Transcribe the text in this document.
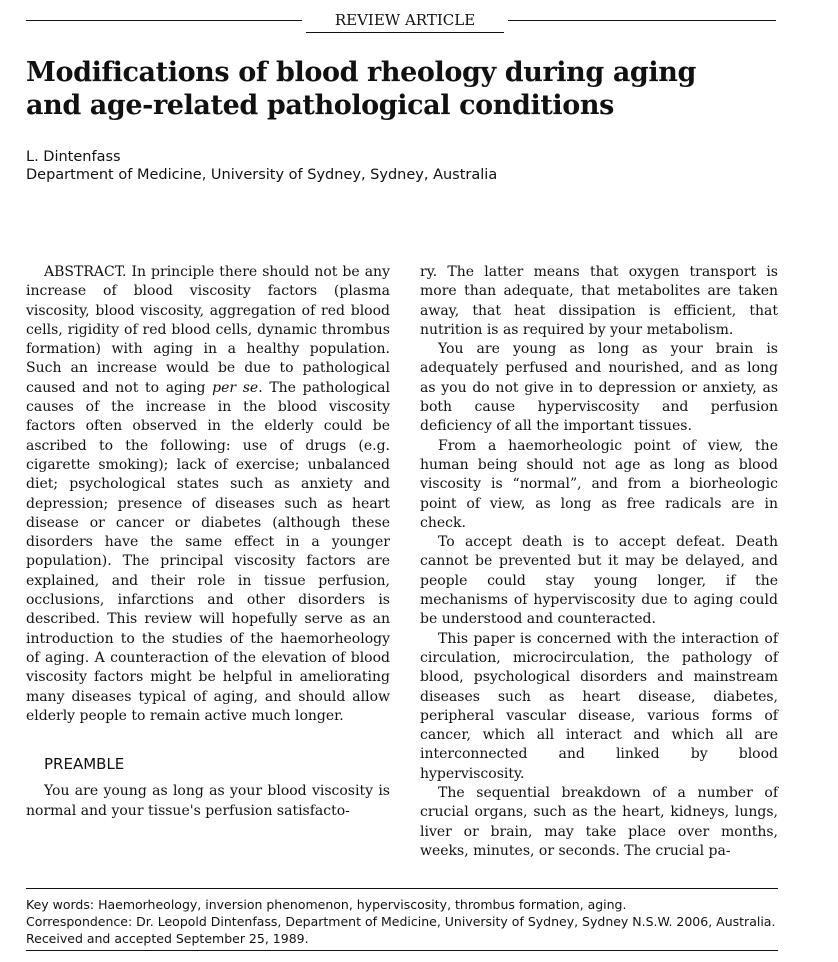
REVIEW ARTICLE
Modifications of blood rheology during aging
and age-related pathological conditions
L. Dintenfass
Department of Medicine, University of Sydney, Sydney, Australia

ABSTRACT. In principle there should not be any increase of blood viscosity factors (plasma viscosity, blood viscosity, aggregation of red blood cells, rigidity of red blood cells, dynamic thrombus formation) with aging in a healthy population. Such an increase would be due to pathological caused and not to aging per se. The pathological causes of the increase in the blood viscosity factors often observed in the elderly could be ascribed to the following: use of drugs (e.g. cigarette smoking); lack of exercise; unbalanced diet; psychological states such as anxiety and depression; presence of diseases such as heart disease or cancer or diabetes (although these disorders have the same effect in a younger population). The principal viscosity factors are explained, and their role in tissue perfusion, occlusions, infarctions and other disorders is described. This review will hopefully serve as an introduction to the studies of the haemorheology of aging. A counteraction of the elevation of blood viscosity factors might be helpful in ameliorating many diseases typical of aging, and should allow elderly people to remain active much longer.

PREAMBLE

You are young as long as your blood viscosity is normal and your tissue's perfusion satisfacto-

ry. The latter means that oxygen transport is more than adequate, that metabolites are taken away, that heat dissipation is efficient, that nutrition is as required by your metabolism.

You are young as long as your brain is adequately perfused and nourished, and as long as you do not give in to depression or anxiety, as both cause hyperviscosity and perfusion deficiency of all the important tissues.

From a haemorheologic point of view, the human being should not age as long as blood viscosity is “normal”, and from a biorheologic point of view, as long as free radicals are in check.

To accept death is to accept defeat. Death cannot be prevented but it may be delayed, and people could stay young longer, if the mechanisms of hyperviscosity due to aging could be understood and counteracted.

This paper is concerned with the interaction of circulation, microcirculation, the pathology of blood, psychological disorders and mainstream diseases such as heart disease, diabetes, peripheral vascular disease, various forms of cancer, which all interact and which all are interconnected and linked by blood hyperviscosity.

The sequential breakdown of a number of crucial organs, such as the heart, kidneys, lungs, liver or brain, may take place over months, weeks, minutes, or seconds. The crucial pa-

Key words: Haemorheology, inversion phenomenon, hyperviscosity, thrombus formation, aging.
Correspondence: Dr. Leopold Dintenfass, Department of Medicine, University of Sydney, Sydney N.S.W. 2006, Australia.
Received and accepted September 25, 1989.
